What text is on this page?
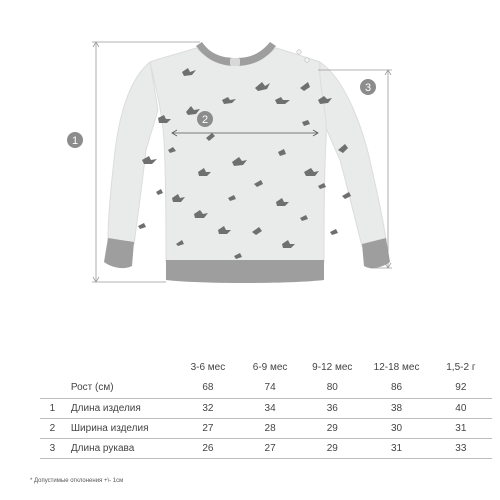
1
2
3
		3-6 мес	6-9 мес	9-12 мес	12-18 мес	1,5-2 г
	Рост (см)	68	74	80	86	92
1	Длина изделия	32	34	36	38	40
2	Ширина изделия	27	28	29	30	31
3	Длина рукава	26	27	29	31	33
* Допустимые отклонения +\- 1см
